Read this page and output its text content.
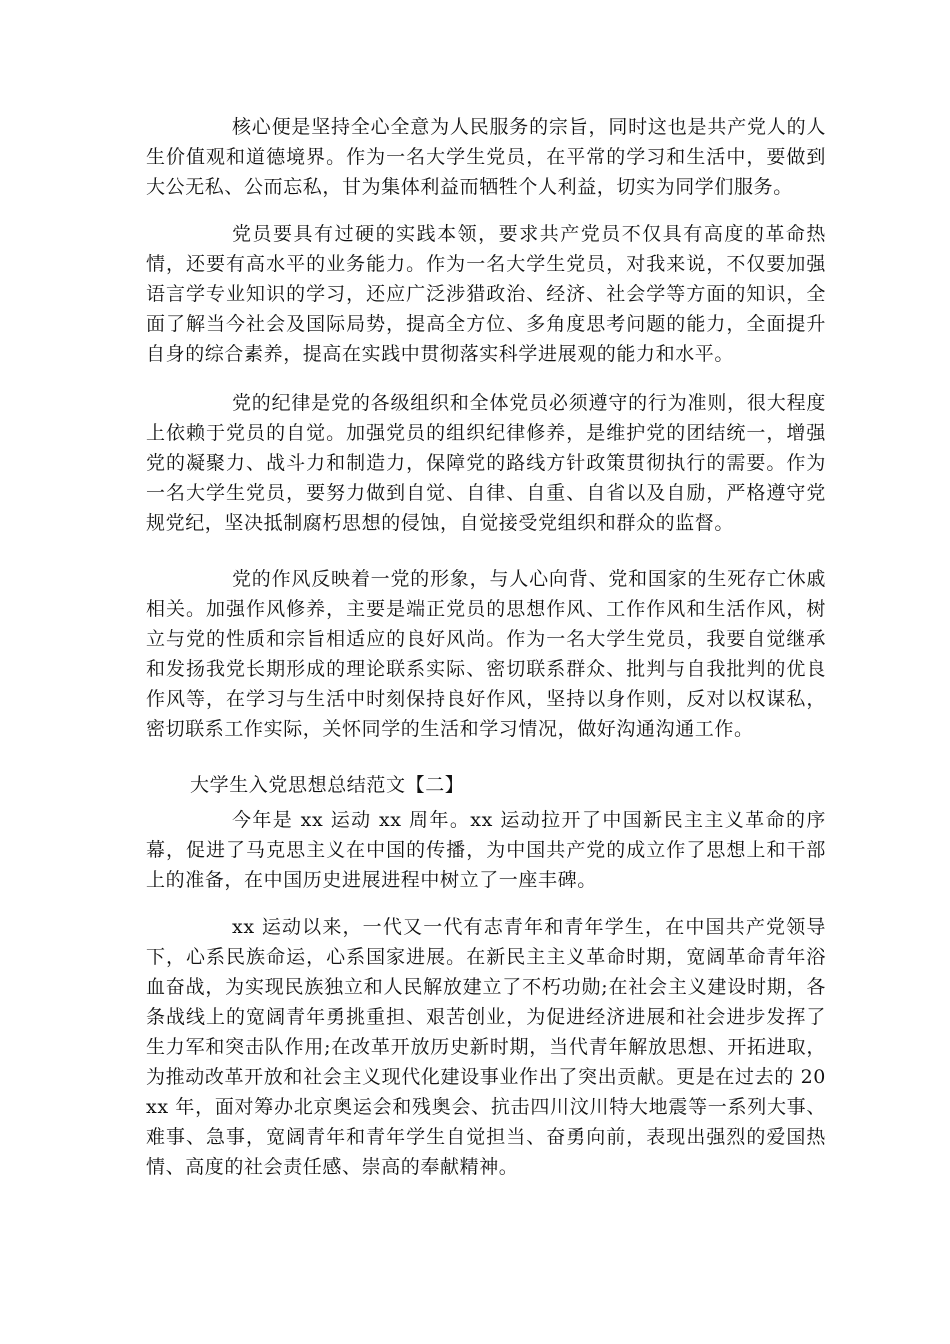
核心便是坚持全心全意为人民服务的宗旨，同时这也是共产党人的人生价值观和道德境界。作为一名大学生党员，在平常的学习和生活中，要做到大公无私、公而忘私，甘为集体利益而牺牲个人利益，切实为同学们服务。

党员要具有过硬的实践本领，要求共产党员不仅具有高度的革命热情，还要有高水平的业务能力。作为一名大学生党员，对我来说，不仅要加强语言学专业知识的学习，还应广泛涉猎政治、经济、社会学等方面的知识，全面了解当今社会及国际局势，提高全方位、多角度思考问题的能力，全面提升自身的综合素养，提高在实践中贯彻落实科学进展观的能力和水平。

党的纪律是党的各级组织和全体党员必须遵守的行为准则，很大程度上依赖于党员的自觉。加强党员的组织纪律修养，是维护党的团结统一，增强党的凝聚力、战斗力和制造力，保障党的路线方针政策贯彻执行的需要。作为一名大学生党员，要努力做到自觉、自律、自重、自省以及自励，严格遵守党规党纪，坚决抵制腐朽思想的侵蚀，自觉接受党组织和群众的监督。

党的作风反映着一党的形象，与人心向背、党和国家的生死存亡休戚相关。加强作风修养，主要是端正党员的思想作风、工作作风和生活作风，树立与党的性质和宗旨相适应的良好风尚。作为一名大学生党员，我要自觉继承和发扬我党长期形成的理论联系实际、密切联系群众、批判与自我批判的优良作风等，在学习与生活中时刻保持良好作风，坚持以身作则，反对以权谋私，密切联系工作实际，关怀同学的生活和学习情况，做好沟通沟通工作。

大学生入党思想总结范文【二】

今年是 xx 运动 xx 周年。xx 运动拉开了中国新民主主义革命的序幕，促进了马克思主义在中国的传播，为中国共产党的成立作了思想上和干部上的准备，在中国历史进展进程中树立了一座丰碑。

xx 运动以来，一代又一代有志青年和青年学生，在中国共产党领导下，心系民族命运，心系国家进展。在新民主主义革命时期，宽阔革命青年浴血奋战，为实现民族独立和人民解放建立了不朽功勋;在社会主义建设时期，各条战线上的宽阔青年勇挑重担、艰苦创业，为促进经济进展和社会进步发挥了生力军和突击队作用;在改革开放历史新时期，当代青年解放思想、开拓进取，为推动改革开放和社会主义现代化建设事业作出了突出贡献。更是在过去的 20xx 年，面对筹办北京奥运会和残奥会、抗击四川汶川特大地震等一系列大事、难事、急事，宽阔青年和青年学生自觉担当、奋勇向前，表现出强烈的爱国热情、高度的社会责任感、崇高的奉献精神。
